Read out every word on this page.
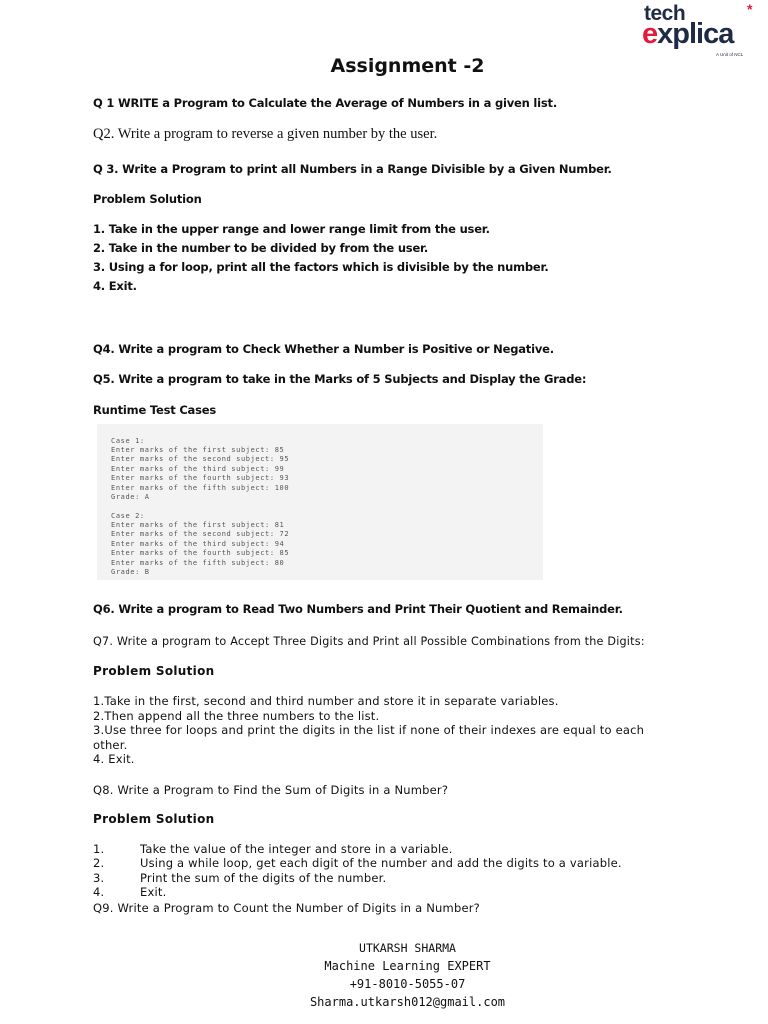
tech	*
explica
A Unit of NCL
Assignment -2
Q 1 WRITE a Program to Calculate the Average of Numbers in a given list.
Q2. Write a program to reverse a given number by the user.
Q 3. Write a Program to print all Numbers in a Range Divisible by a Given Number.
Problem Solution
1. Take in the upper range and lower range limit from the user.
2. Take in the number to be divided by from the user.
3. Using a for loop, print all the factors which is divisible by the number.
4. Exit.
Q4. Write a program to Check Whether a Number is Positive or Negative.
Q5. Write a program to take in the Marks of 5 Subjects and Display the Grade:
Runtime Test Cases
Case 1:
Enter marks of the first subject: 85
Enter marks of the second subject: 95
Enter marks of the third subject: 99
Enter marks of the fourth subject: 93
Enter marks of the fifth subject: 100
Grade: A
Case 2:
Enter marks of the first subject: 81
Enter marks of the second subject: 72
Enter marks of the third subject: 94
Enter marks of the fourth subject: 85
Enter marks of the fifth subject: 80
Grade: B
Q6. Write a program to Read Two Numbers and Print Their Quotient and Remainder.
Q7. Write a program to Accept Three Digits and Print all Possible Combinations from the Digits:
Problem Solution
1.Take in the first, second and third number and store it in separate variables.
2.Then append all the three numbers to the list.
3.Use three for loops and print the digits in the list if none of their indexes are equal to each
other.
4. Exit.
Q8. Write a Program to Find the Sum of Digits in a Number?
Problem Solution
1.	Take the value of the integer and store in a variable.
2.	Using a while loop, get each digit of the number and add the digits to a variable.
3.	Print the sum of the digits of the number.
4.	Exit.
Q9. Write a Program to Count the Number of Digits in a Number?
UTKARSH SHARMA
Machine Learning EXPERT
+91-8010-5055-07
Sharma.utkarsh012@gmail.com
